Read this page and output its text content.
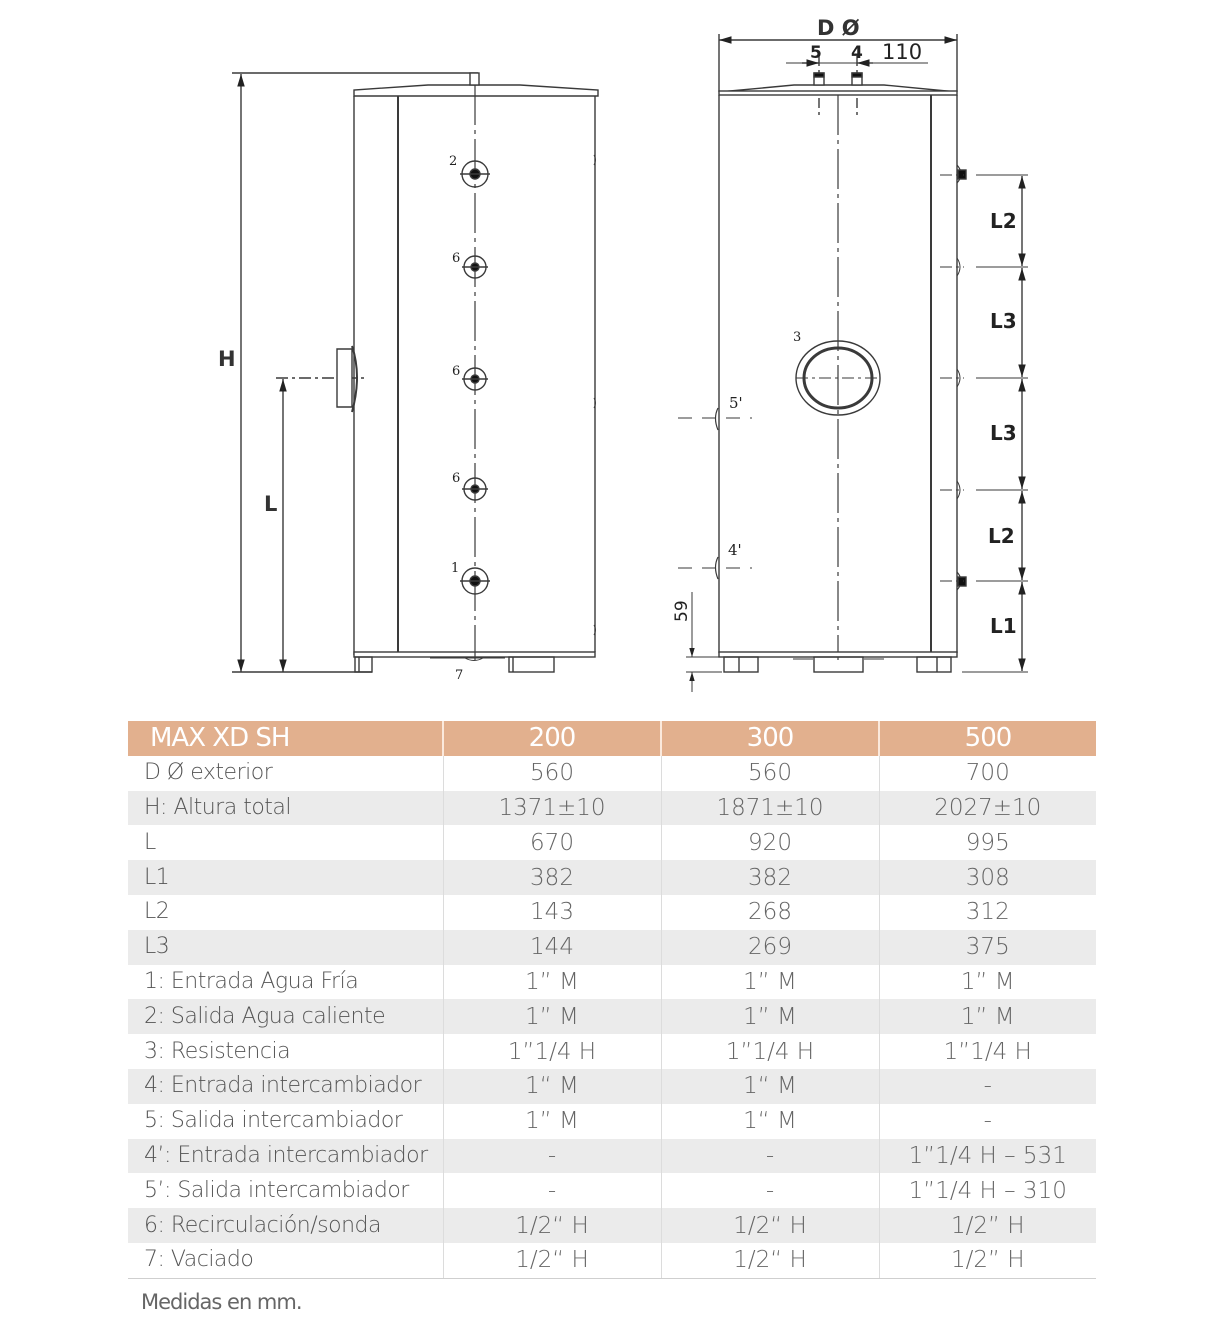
H
L
2
6
6
6
1
7
D Ø
5 4 110
3
5'
4'
59
L2
L3
L3
L2
L1
MAX XD SH	200	300	500
D Ø exterior	560	560	700
H: Altura total	1371±10	1871±10	2027±10
L	670	920	995
L1	382	382	308
L2	143	268	312
L3	144	269	375
1: Entrada Agua Fría	1” M	1” M	1” M
2: Salida Agua caliente	1” M	1” M	1” M
3: Resistencia	1”1/4 H	1”1/4 H	1”1/4 H
4: Entrada intercambiador	1“ M	1“ M	-
5: Salida intercambiador	1” M	1“ M	-
4’: Entrada intercambiador	-	-	1”1/4 H – 531
5’: Salida intercambiador	-	-	1”1/4 H – 310
6: Recirculación/sonda	1/2“ H	1/2“ H	1/2” H
7: Vaciado	1/2“ H	1/2“ H	1/2” H
Medidas en mm.
